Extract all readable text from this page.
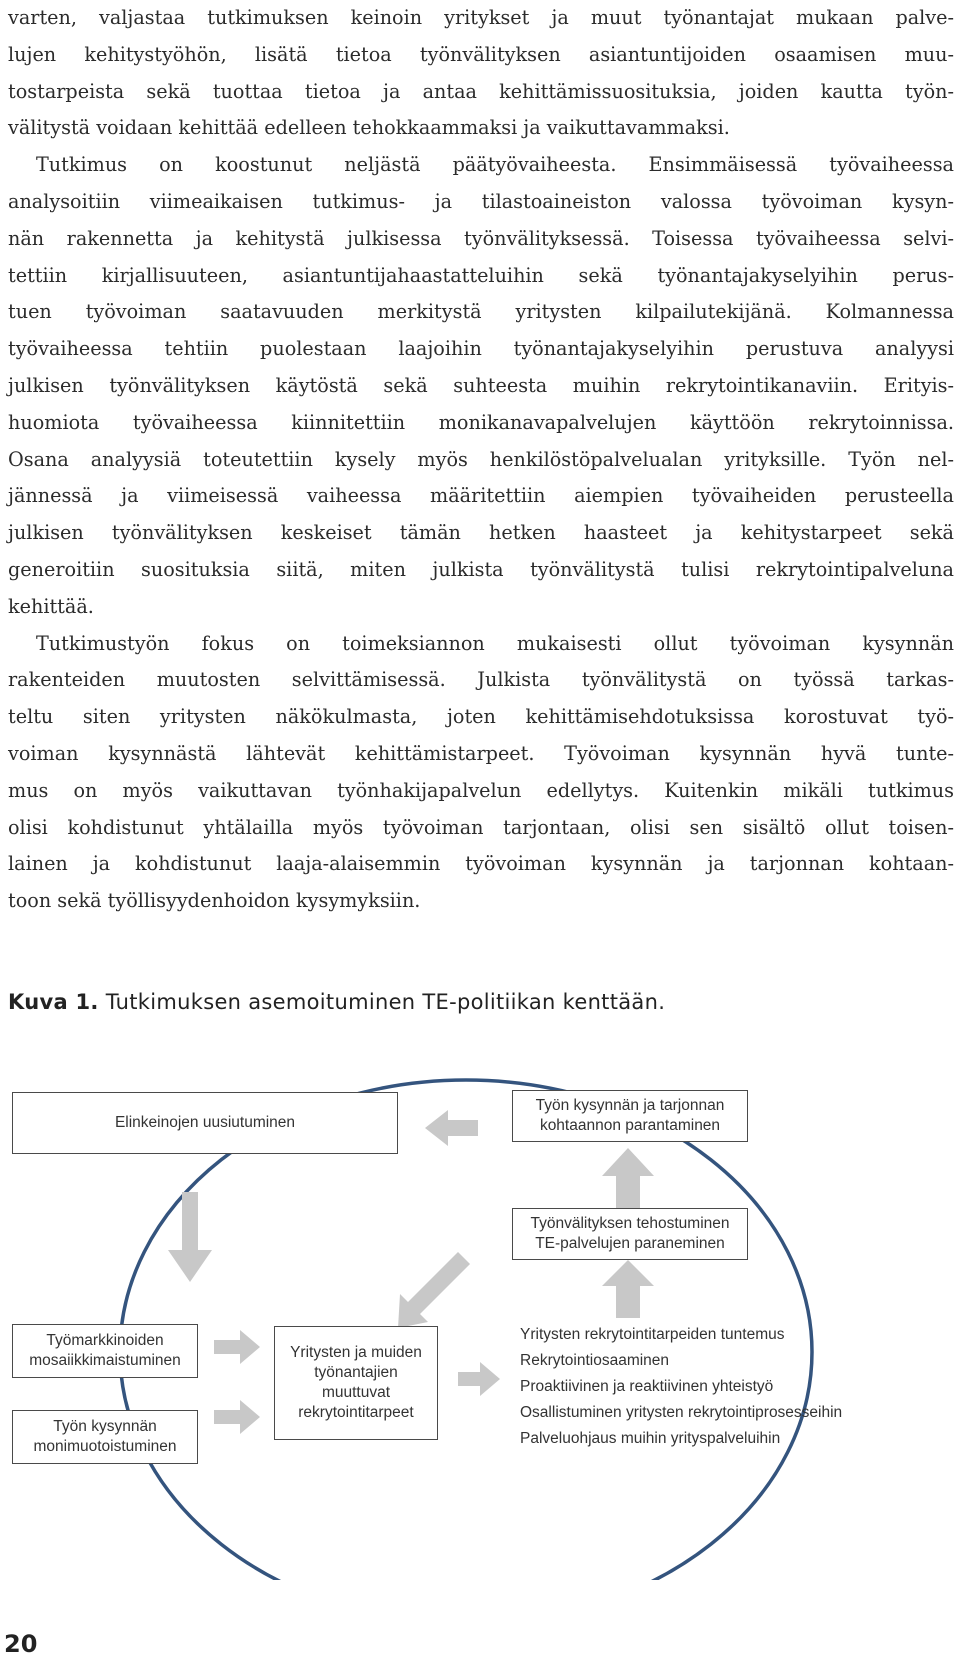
varten, valjastaa tutkimuksen keinoin yritykset ja muut työnantajat mukaan palve-
lujen kehitystyöhön, lisätä tietoa työnvälityksen asiantuntijoiden osaamisen muu-
tostarpeista sekä tuottaa tietoa ja antaa kehittämissuosituksia, joiden kautta työn-
välitystä voidaan kehittää edelleen tehokkaammaksi ja vaikuttavammaksi.
Tutkimus on koostunut neljästä päätyövaiheesta. Ensimmäisessä työvaiheessa
analysoitiin viimeaikaisen tutkimus- ja tilastoaineiston valossa työvoiman kysyn-
nän rakennetta ja kehitystä julkisessa työnvälityksessä. Toisessa työvaiheessa selvi-
tettiin kirjallisuuteen, asiantuntijahaastatteluihin sekä työnantajakyselyihin perus-
tuen työvoiman saatavuuden merkitystä yritysten kilpailutekijänä. Kolmannessa
työvaiheessa tehtiin puolestaan laajoihin työnantajakyselyihin perustuva analyysi
julkisen työnvälityksen käytöstä sekä suhteesta muihin rekrytointikanaviin. Erityis-
huomiota työvaiheessa kiinnitettiin monikanavapalvelujen käyttöön rekrytoinnissa.
Osana analyysiä toteutettiin kysely myös henkilöstöpalvelualan yrityksille. Työn nel-
jännessä ja viimeisessä vaiheessa määritettiin aiempien työvaiheiden perusteella
julkisen työnvälityksen keskeiset tämän hetken haasteet ja kehitystarpeet sekä
generoitiin suosituksia siitä, miten julkista työnvälitystä tulisi rekrytointipalveluna
kehittää.
Tutkimustyön fokus on toimeksiannon mukaisesti ollut työvoiman kysynnän
rakenteiden muutosten selvittämisessä. Julkista työnvälitystä on työssä tarkas-
teltu siten yritysten näkökulmasta, joten kehittämisehdotuksissa korostuvat työ-
voiman kysynnästä lähtevät kehittämistarpeet. Työvoiman kysynnän hyvä tunte-
mus on myös vaikuttavan työnhakijapalvelun edellytys. Kuitenkin mikäli tutkimus
olisi kohdistunut yhtälailla myös työvoiman tarjontaan, olisi sen sisältö ollut toisen-
lainen ja kohdistunut laaja-alaisemmin työvoiman kysynnän ja tarjonnan kohtaan-
toon sekä työllisyydenhoidon kysymyksiin.
Kuva 1. Tutkimuksen asemoituminen TE-politiikan kenttään.
Elinkeinojen uusiutuminen
Työn kysynnän ja tarjonnan
kohtaannon parantaminen
Työnvälityksen tehostuminen
TE-palvelujen paraneminen
Työmarkkinoiden
mosaiikkimaistuminen
Työn kysynnän
monimuotoistuminen
Yritysten ja muiden
työnantajien
muuttuvat
rekrytointitarpeet
Yritysten rekrytointitarpeiden tuntemus
Rekrytointiosaaminen
Proaktiivinen ja reaktiivinen yhteistyö
Osallistuminen yritysten rekrytointiprosesseihin
Palveluohjaus muihin yrityspalveluihin
20
